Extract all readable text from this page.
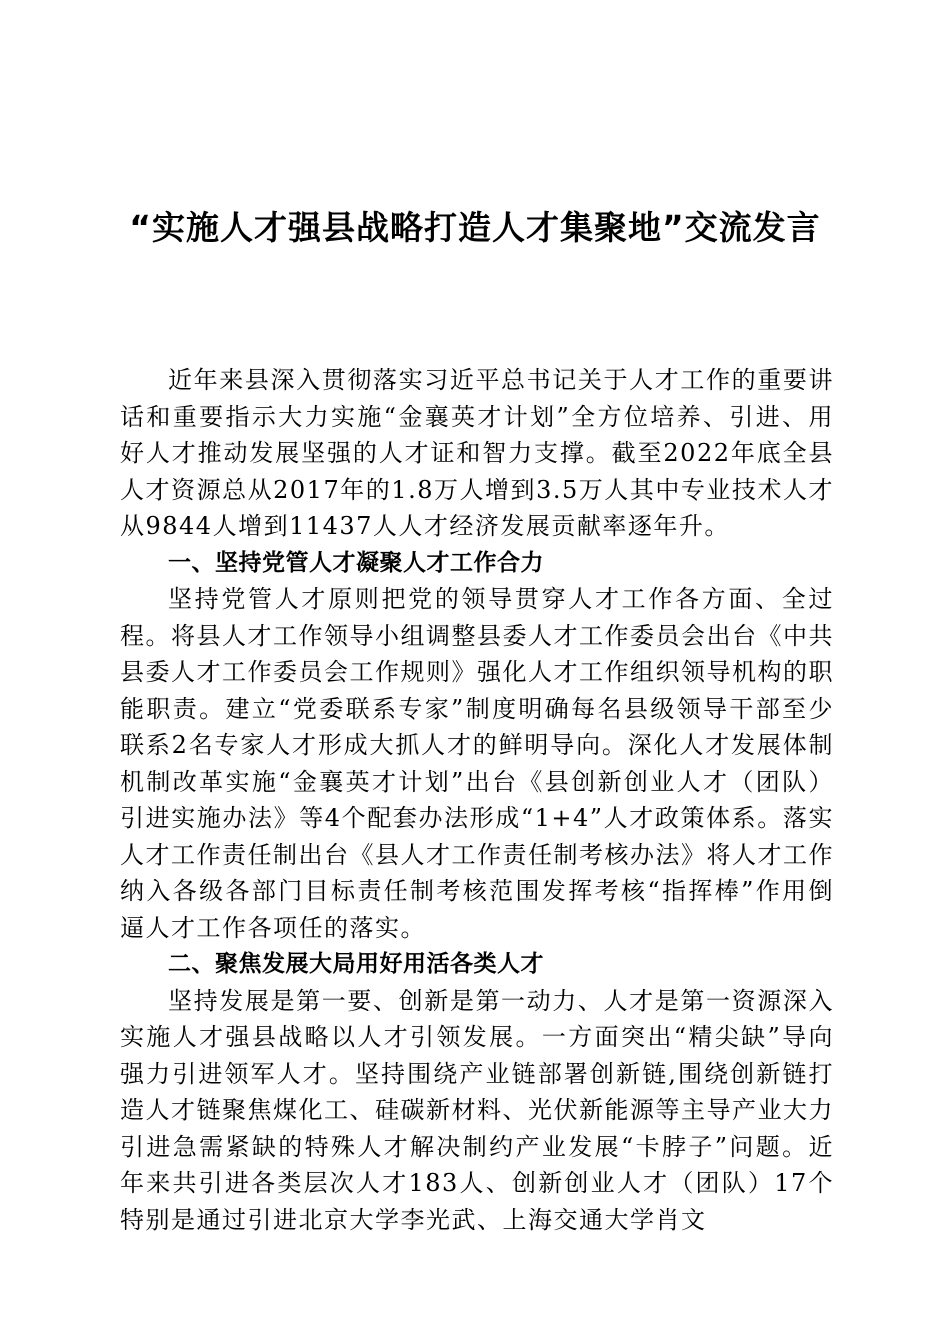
“实施人才强县战略打造人才集聚地”交流发言

近年来县深入贯彻落实习近平总书记关于人才工作的重要讲话和重要指示大力实施“金襄英才计划”全方位培养、引进、用好人才推动发展坚强的人才证和智力支撑。截至2022年底全县人才资源总从2017年的1.8万人增到3.5万人其中专业技术人才从9844人增到11437人人才经济发展贡献率逐年升。

一、坚持党管人才凝聚人才工作合力

坚持党管人才原则把党的领导贯穿人才工作各方面、全过程。将县人才工作领导小组调整县委人才工作委员会出台《中共县委人才工作委员会工作规则》强化人才工作组织领导机构的职能职责。建立“党委联系专家”制度明确每名县级领导干部至少联系2名专家人才形成大抓人才的鲜明导向。深化人才发展体制机制改革实施“金襄英才计划”出台《县创新创业人才（团队）引进实施办法》等4个配套办法形成“1+4”人才政策体系。落实人才工作责任制出台《县人才工作责任制考核办法》将人才工作纳入各级各部门目标责任制考核范围发挥考核“指挥棒”作用倒逼人才工作各项任的落实。

二、聚焦发展大局用好用活各类人才

坚持发展是第一要、创新是第一动力、人才是第一资源深入实施人才强县战略以人才引领发展。一方面突出“精尖缺”导向强力引进领军人才。坚持围绕产业链部署创新链,围绕创新链打造人才链聚焦煤化工、硅碳新材料、光伏新能源等主导产业大力引进急需紧缺的特殊人才解决制约产业发展“卡脖子”问题。近年来共引进各类层次人才183人、创新创业人才（团队）17个特别是通过引进北京大学李光武、上海交通大学肖文
